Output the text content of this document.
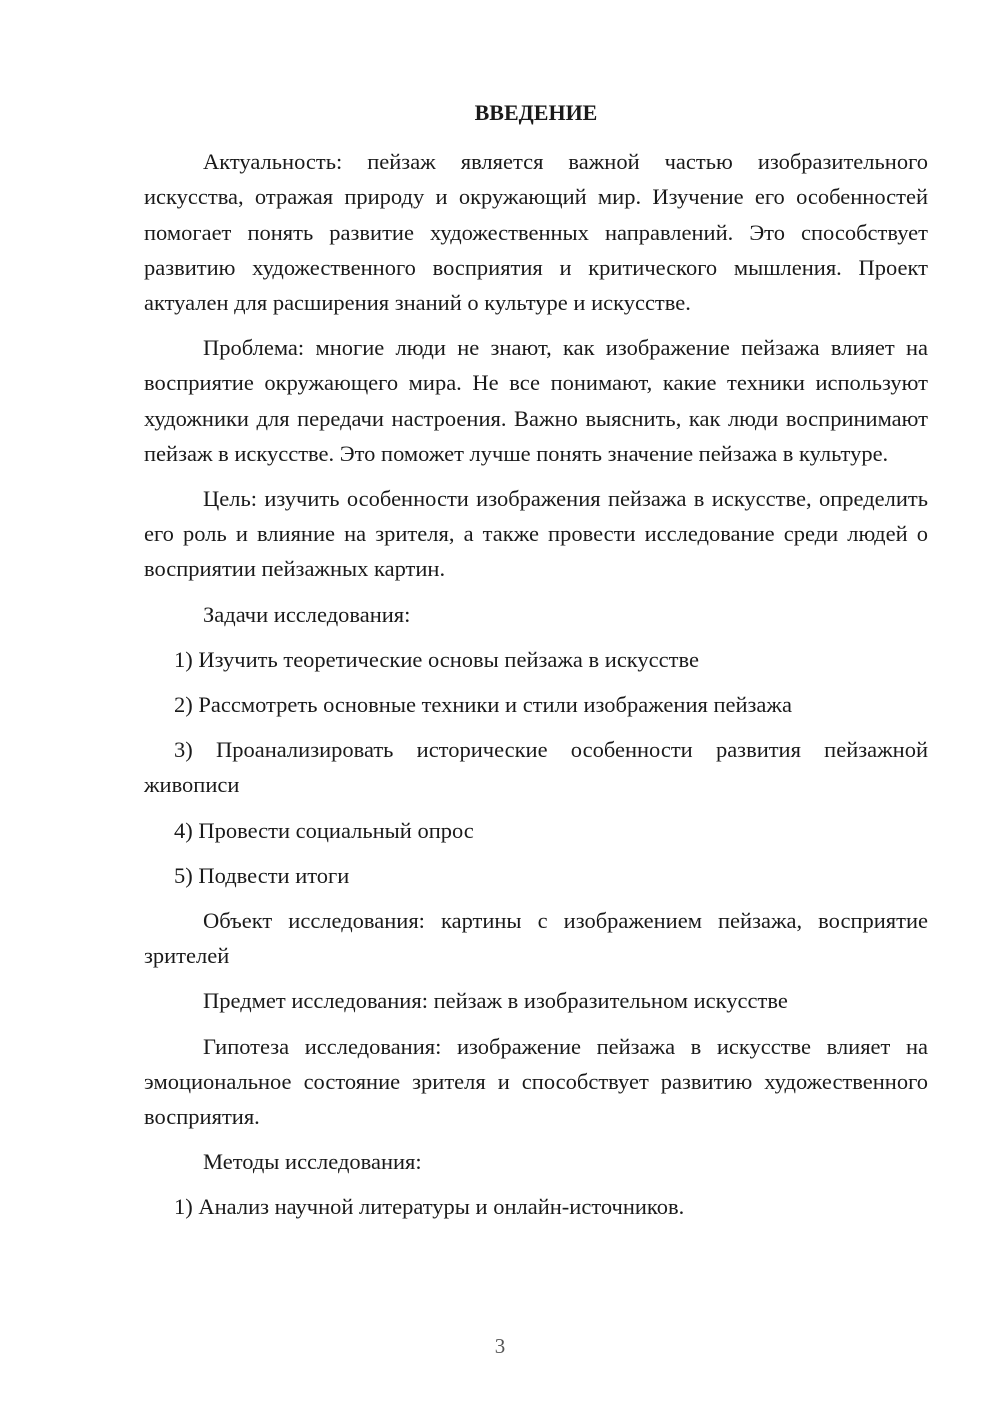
ВВЕДЕНИЕ

Актуальность: пейзаж является важной частью изобразительного искусства, отражая природу и окружающий мир. Изучение его особенностей помогает понять развитие художественных направлений. Это способствует развитию художественного восприятия и критического мышления. Проект актуален для расширения знаний о культуре и искусстве.

Проблема: многие люди не знают, как изображение пейзажа влияет на восприятие окружающего мира. Не все понимают, какие техники используют художники для передачи настроения. Важно выяснить, как люди воспринимают пейзаж в искусстве. Это поможет лучше понять значение пейзажа в культуре.

Цель: изучить особенности изображения пейзажа в искусстве, определить его роль и влияние на зрителя, а также провести исследование среди людей о восприятии пейзажных картин.

Задачи исследования:

1) Изучить теоретические основы пейзажа в искусстве

2) Рассмотреть основные техники и стили изображения пейзажа

3) Проанализировать исторические особенности развития пейзажной живописи

4) Провести социальный опрос

5) Подвести итоги

Объект исследования: картины с изображением пейзажа, восприятие зрителей

Предмет исследования: пейзаж в изобразительном искусстве

Гипотеза исследования: изображение пейзажа в искусстве влияет на эмоциональное состояние зрителя и способствует развитию художественного восприятия.

Методы исследования:

1) Анализ научной литературы и онлайн-источников.

3
